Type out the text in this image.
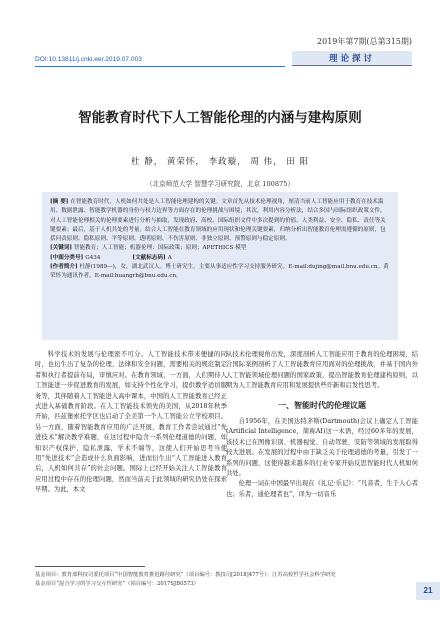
2019年第7期(总第315期)
理论探讨
DOI:10.13811/j.cnki.eer.2019.07.003
智能教育时代下人工智能伦理的内涵与建构原则
杜 静， 黄荣怀， 李政璇， 周 伟， 田 阳
（北京师范大学 智慧学习研究院，北京 100875）

[摘 要] 在智能教育时代，人机如何共处是人工智能伦理建构的关键。文章首先从技术伦理视角，厘清当前人工智能应用于教育在技术滥用、数据泄露、智能教学机器的身份与权力边界等方面存在的伦理挑战与困境；其次，利用内容分析法，结合多国与国际组织政策文件，对人工智能伦理相关的伦理要素进行分析与抽取，发现政府、高校、国际组织文件中多次提到的价值、人类利益、安全、隐私、责任等关键要素；最后，基于人机共处的考量，结合人工智能在教育领域的应用现状和伦理关键要素，归纳分析出智能教育伦理需遵循的原则，包括问责原则、隐私原则、平等原则、透明原则、不伤害原则、非独立原则、预警原则与稳定原则。

[关键词] 智能教育；人工智能；机器伦理；国际政策；原则；APETHICS 模型

[中图分类号] G434	[文献标志码] A

[作者简介] 杜静(1989—)，女，湖北武汉人。博士研究生，主要从事适应性学习支持服务研究。E-mail:dujing@mail.bnu.edu.cn。黄荣怀为通讯作者，E-mail:huangrh@bnu.edu.cn。

科学技术的发展与伦理密不可分。人工智能技术带来便捷的同时，也衍生出了复杂的伦理、法律和安全问题，需要相关的规范制定者和执行者提前布局，审慎应对。在教育领域，一方面，人们期待人工智能进一步促进教育的发展，如支持个性化学习，提供教学适切服务等，其伴随着人工智能进入高中课本，中国的人工智能教育已经正式进入基础教育阶段。在人工智能技术领先的美国，从2018年秋季开始，匹兹堡索托学区也启动了全美第一个人工智能公立学校项目。另一方面，随着智能教育应用的广泛开展，教育工作者尝试通过“先进技术”解决教学难题，在这过程中隐含一系列伦理道德的问题，如知识产权保护、隐私泄露，学术不端等，这使人们开始思考当使用“先进技术”会造成什么负面影响，进而衍生出“人工智能进入教育后，人机如何共存”的社会问题。国际上已经开始关注人工智能教育应用过程中存在的伦理问题，然而当前关于此领域的研究仍处在探索早期。为此，本文

从技术伦理视角出发，深度剖析人工智能应用于教育的伦理困境，结合国际案例剖析了人工智能教育应用面对的伦理挑战，并基于国内外人工智能领域伦理问题的国家政策，提出智能教育伦理建构原则，以期为人工智能教育应用和发展提供些许新和启发性思考。

一、智能时代的伦理议题

自1956年，在美国达特茅斯(Dartmouth)会议上确定人工智能(Artificial Intelligence，简称AI)这一术语，经过60多年的发展，该技术已在图像识别、机器视觉、自动驾驶、安防等领域的发展取得较大进展。在发展的过程中由于缺乏关于伦理道德的考量，引发了一系列的问题，这使得越来越多的行业专家开始反思智能时代人机如何共处。

伦理一词在中国最早出现在《礼记·乐记》：“凡音者，生于人心者也；乐者，通伦理者也”，译为一切音乐

基金项目：教育部科技司委托项目“中国智能教育推进路径研究”（项目编号：教技司[2018]477号）；江苏高校哲学社会科学研究

基金项目“混合学习的学习交互性研究”（项目编号：2017SJB0573）

21
